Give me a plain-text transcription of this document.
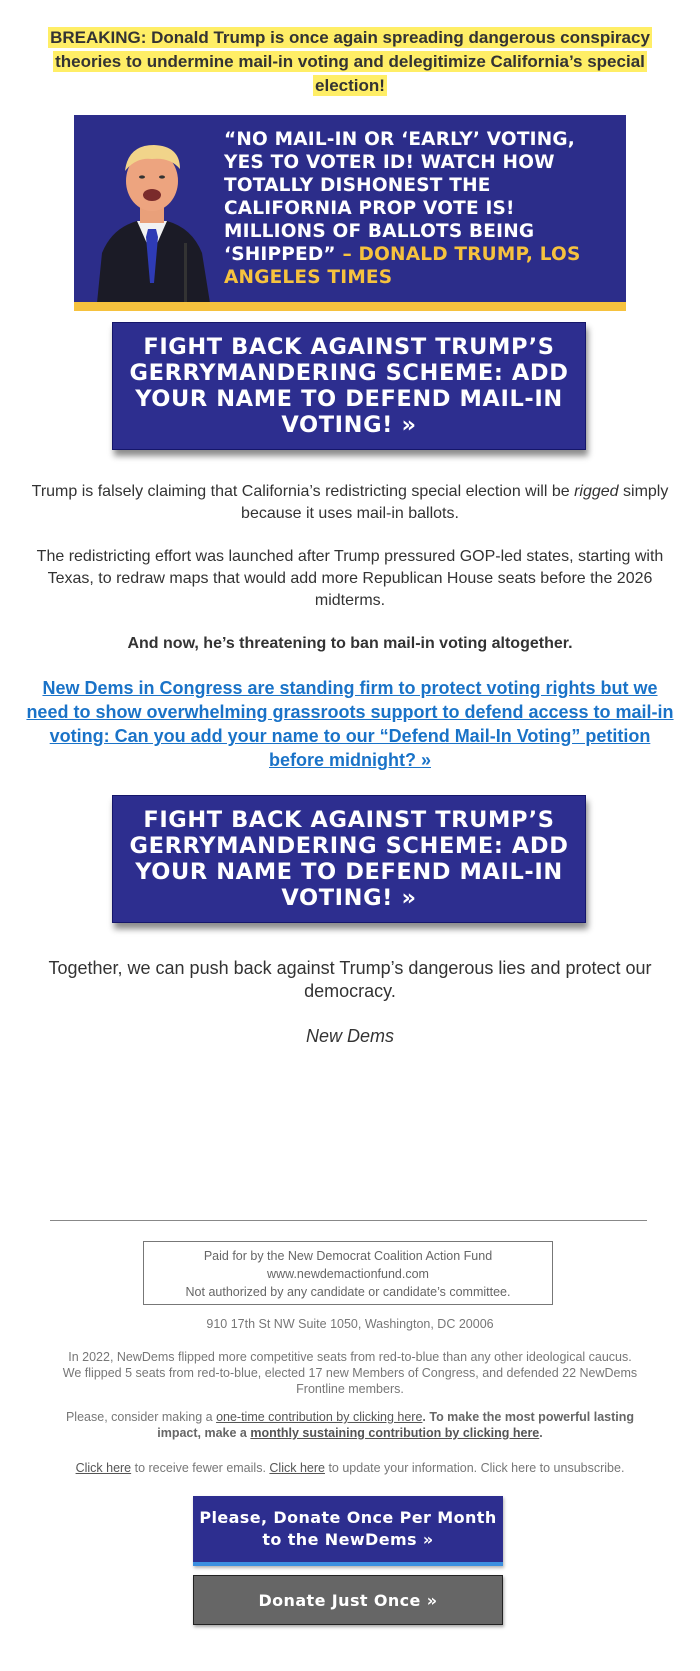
BREAKING: Donald Trump is once again spreading dangerous conspiracy theories to undermine mail-in voting and delegitimize California’s special election!
“NO MAIL-IN OR ‘EARLY’ VOTING, YES TO VOTER ID! WATCH HOW TOTALLY DISHONEST THE CALIFORNIA PROP VOTE IS! MILLIONS OF BALLOTS BEING ‘SHIPPED” – DONALD TRUMP, LOS ANGELES TIMES
FIGHT BACK AGAINST TRUMP’S GERRYMANDERING SCHEME: ADD YOUR NAME TO DEFEND MAIL-IN VOTING! »
Trump is falsely claiming that California’s redistricting special election will be rigged simply because it uses mail-in ballots.
The redistricting effort was launched after Trump pressured GOP-led states, starting with Texas, to redraw maps that would add more Republican House seats before the 2026 midterms.
And now, he’s threatening to ban mail-in voting altogether.
New Dems in Congress are standing firm to protect voting rights but we need to show overwhelming grassroots support to defend access to mail-in voting: Can you add your name to our “Defend Mail-In Voting” petition before midnight? »
FIGHT BACK AGAINST TRUMP’S GERRYMANDERING SCHEME: ADD YOUR NAME TO DEFEND MAIL-IN VOTING! »
Together, we can push back against Trump’s dangerous lies and protect our democracy.
New Dems
Paid for by the New Democrat Coalition Action Fund
www.newdemactionfund.com
Not authorized by any candidate or candidate’s committee.
910 17th St NW Suite 1050, Washington, DC 20006
In 2022, NewDems flipped more competitive seats from red-to-blue than any other ideological caucus. We flipped 5 seats from red-to-blue, elected 17 new Members of Congress, and defended 22 NewDems Frontline members.
Please, consider making a one-time contribution by clicking here. To make the most powerful lasting impact, make a monthly sustaining contribution by clicking here.
Click here to receive fewer emails. Click here to update your information. Click here to unsubscribe.
Please, Donate Once Per Month to the NewDems »
Donate Just Once »
